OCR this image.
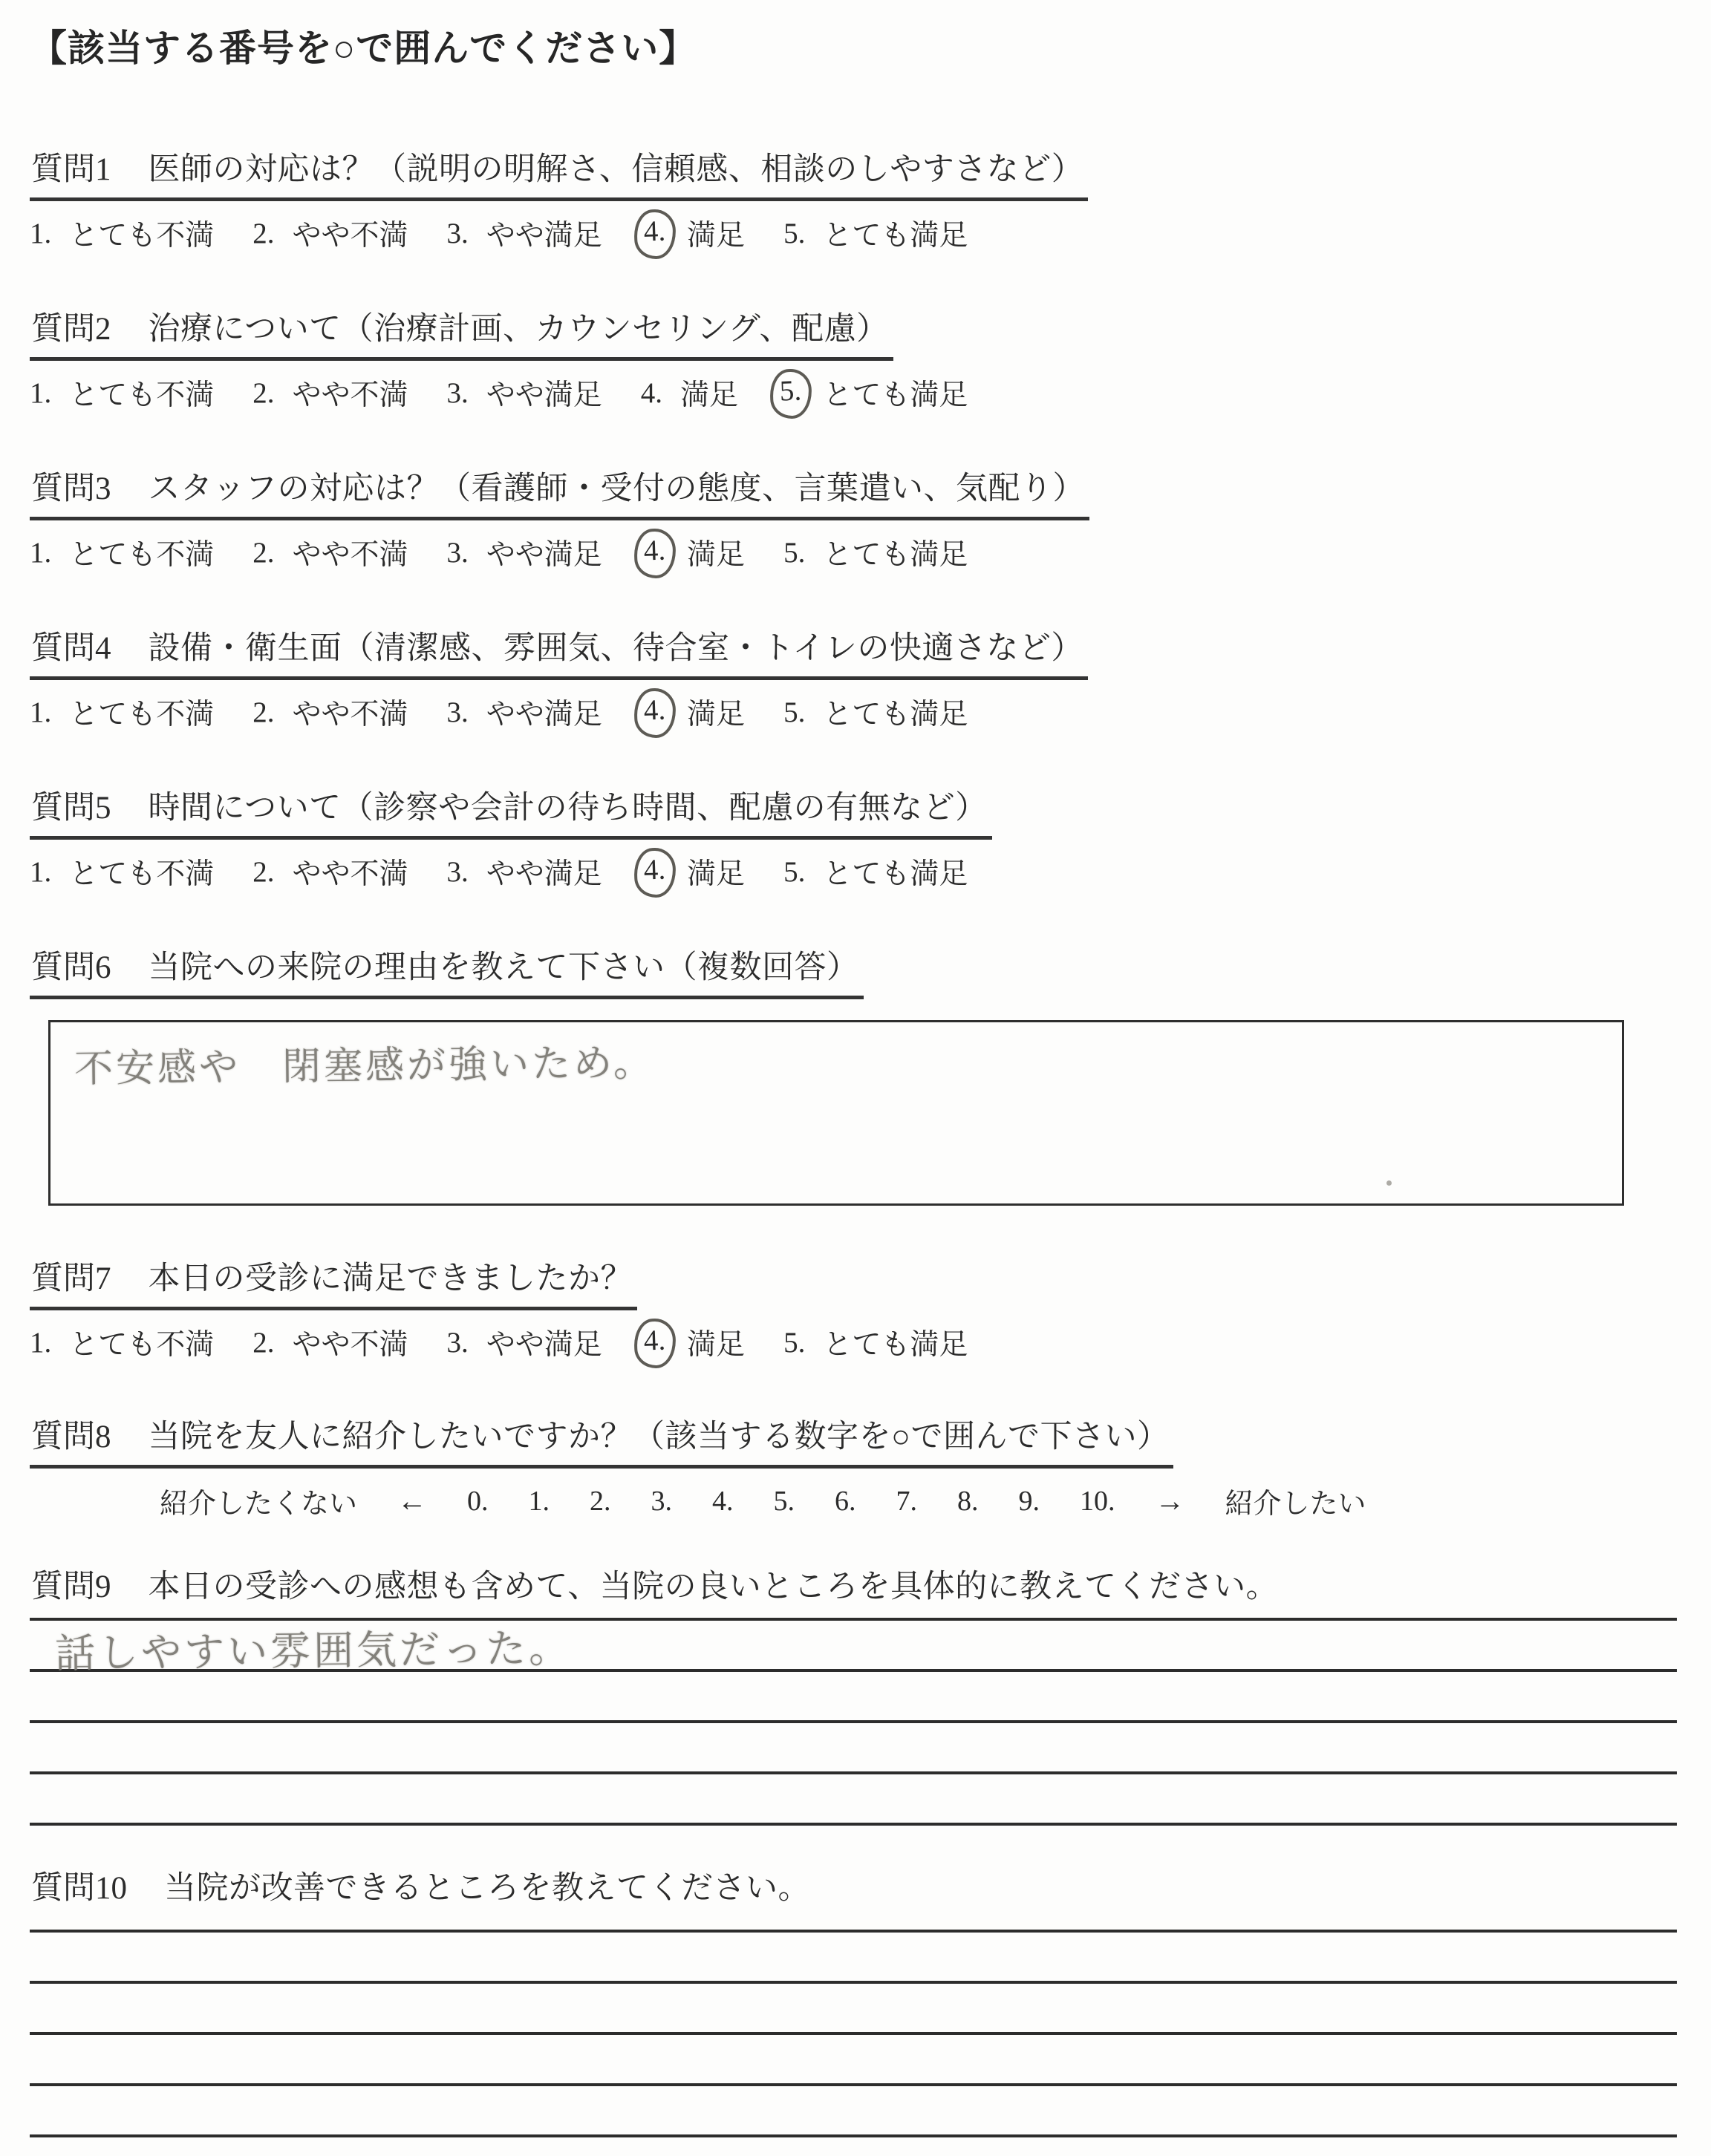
【該当する番号を○で囲んでください】
質問1 医師の対応は？（説明の明解さ、信頼感、相談のしやすさなど）
1. とても不満 2. やや不満 3. やや満足	4. 満足 5. とても満足
質問2 治療について（治療計画、カウンセリング、配慮）
1. とても不満 2. やや不満 3. やや満足 4. 満足	5. とても満足
質問3 スタッフの対応は？（看護師・受付の態度、言葉遣い、気配り）
1. とても不満 2. やや不満 3. やや満足	4. 満足 5. とても満足
質問4 設備・衛生面（清潔感、雰囲気、待合室・トイレの快適さなど）
1. とても不満 2. やや不満 3. やや満足	4. 満足 5. とても満足
質問5 時間について（診察や会計の待ち時間、配慮の有無など）
1. とても不満 2. やや不満 3. やや満足	4. 満足 5. とても満足
質問6 当院への来院の理由を教えて下さい（複数回答）
不安感や　閉塞感が強いため。
質問7 本日の受診に満足できましたか？
1. とても不満 2. やや不満 3. やや満足	4. 満足 5. とても満足
質問8 当院を友人に紹介したいですか？（該当する数字を○で囲んで下さい）
紹介したくない ← 0. 1. 2. 3. 4. 5. 6. 7. 8. 9. 10. → 紹介したい
質問9 本日の受診への感想も含めて、当院の良いところを具体的に教えてください。
話しやすい雰囲気だった。
質問10 当院が改善できるところを教えてください。
